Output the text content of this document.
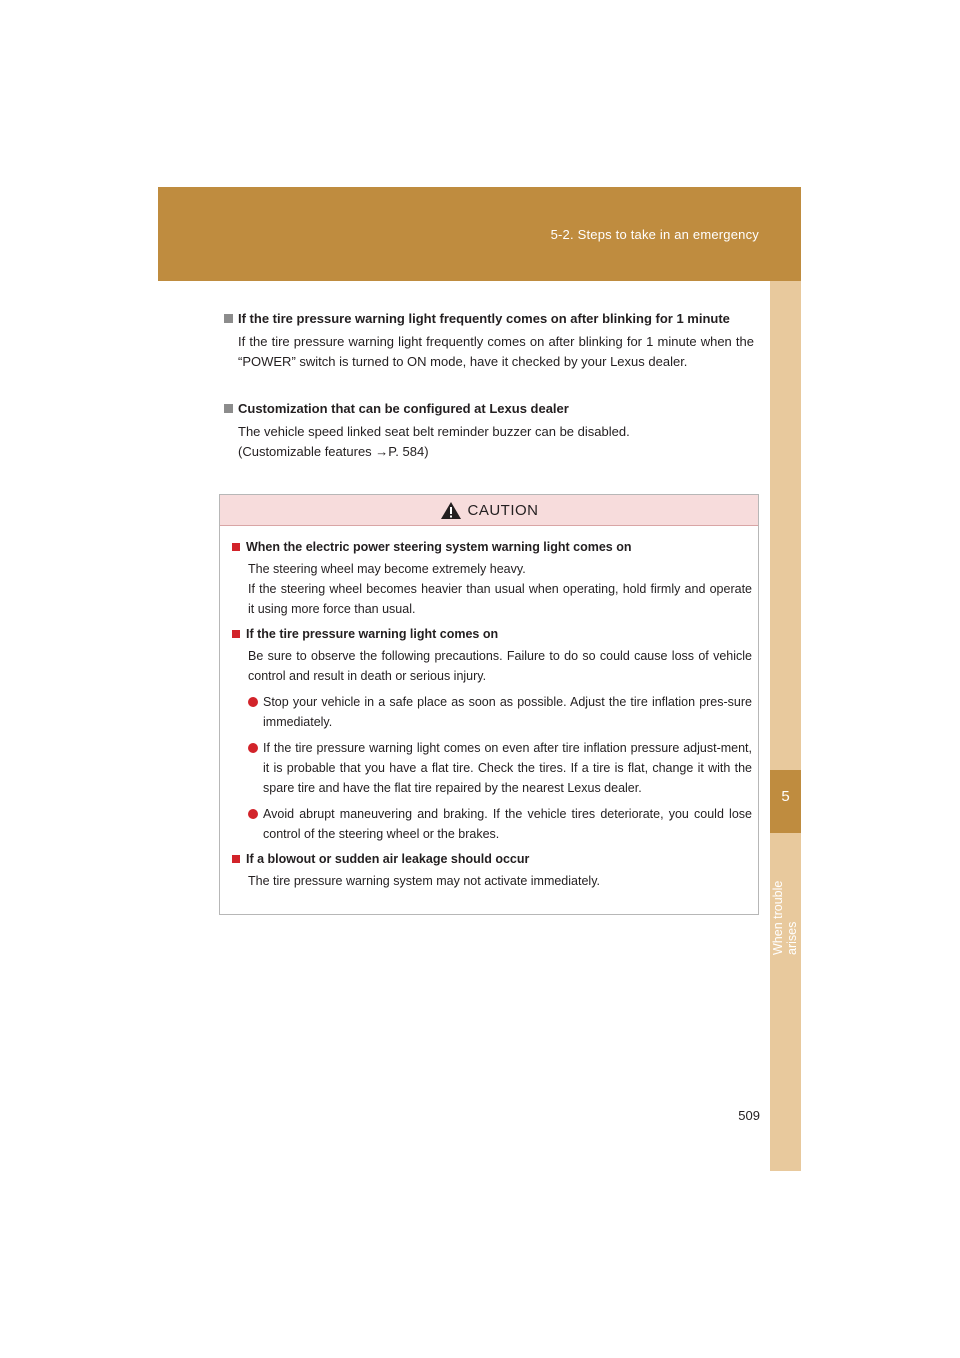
5-2. Steps to take in an emergency
5
When trouble arises
If the tire pressure warning light frequently comes on after blinking for 1 minute
If the tire pressure warning light frequently comes on after blinking for 1 minute when the “POWER” switch is turned to ON mode, have it checked by your Lexus dealer.
Customization that can be configured at Lexus dealer
The vehicle speed linked seat belt reminder buzzer can be disabled.
(Customizable features →P. 584)
CAUTION
When the electric power steering system warning light comes on
The steering wheel may become extremely heavy.
If the steering wheel becomes heavier than usual when operating, hold firmly and operate it using more force than usual.
If the tire pressure warning light comes on
Be sure to observe the following precautions. Failure to do so could cause loss of vehicle control and result in death or serious injury.
Stop your vehicle in a safe place as soon as possible. Adjust the tire inflation pres-sure immediately.
If the tire pressure warning light comes on even after tire inflation pressure adjust-ment, it is probable that you have a flat tire. Check the tires. If a tire is flat, change it with the spare tire and have the flat tire repaired by the nearest Lexus dealer.
Avoid abrupt maneuvering and braking. If the vehicle tires deteriorate, you could lose control of the steering wheel or the brakes.
If a blowout or sudden air leakage should occur
The tire pressure warning system may not activate immediately.
509
